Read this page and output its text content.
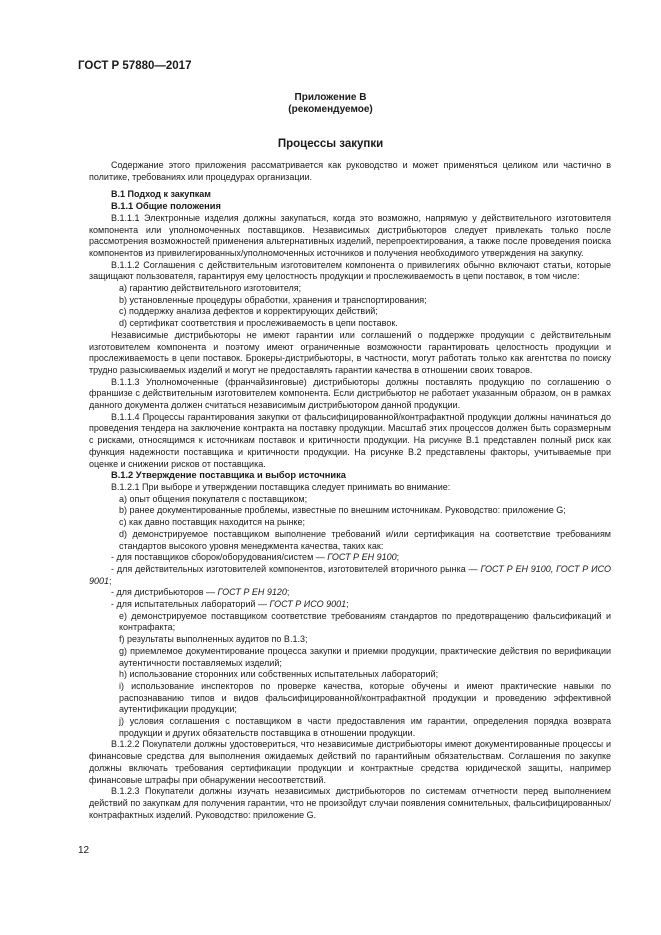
ГОСТ Р 57880—2017
Приложение В
(рекомендуемое)
Процессы закупки

Содержание этого приложения рассматривается как руководство и может применяться целиком или частично в политике, требованиях или процедурах организации.

В.1 Подход к закупкам

В.1.1 Общие положения

В.1.1.1 Электронные изделия должны закупаться, когда это возможно, напрямую у действительного изготовителя компонента или уполномоченных поставщиков. Независимых дистрибьюторов следует привлекать только после рассмотрения возможностей применения альтернативных изделий, перепроектирования, а также после проведения поиска компонентов из привилегированных/уполномоченных источников и получения необходимого утверждения на закупку.

В.1.1.2 Соглашения с действительным изготовителем компонента о привилегиях обычно включают статьи, которые защищают пользователя, гарантируя ему целостность продукции и прослеживаемость в цепи поставок, в том числе:

а) гарантию действительного изготовителя;

b) установленные процедуры обработки, хранения и транспортирования;

с) поддержку анализа дефектов и корректирующих действий;

d) сертификат соответствия и прослеживаемость в цепи поставок.

Независимые дистрибьюторы не имеют гарантии или соглашений о поддержке продукции с действительным изготовителем компонента и поэтому имеют ограниченные возможности гарантировать целостность продукции и прослеживаемость в цепи поставок. Брокеры-дистрибьюторы, в частности, могут работать только как агентства по поиску трудно разыскиваемых изделий и могут не предоставлять гарантии качества в отношении своих товаров.

В.1.1.3 Уполномоченные (франчайзинговые) дистрибьюторы должны поставлять продукцию по соглашению о франшизе с действительным изготовителем компонента. Если дистрибьютор не работает указанным образом, он в рамках данного документа должен считаться независимым дистрибьютором данной продукции.

В.1.1.4 Процессы гарантирования закупки от фальсифицированной/контрафактной продукции должны начинаться до проведения тендера на заключение контракта на поставку продукции. Масштаб этих процессов должен быть соразмерным с рисками, относящимся к источникам поставок и критичности продукции. На рисунке В.1 представлен полный риск как функция надежности поставщика и критичности продукции. На рисунке В.2 представлены факторы, учитываемые при оценке и снижении рисков от поставщика.

В.1.2 Утверждение поставщика и выбор источника

В.1.2.1 При выборе и утверждении поставщика следует принимать во внимание:

а) опыт общения покупателя с поставщиком;

b) ранее документированные проблемы, известные по внешним источникам. Руководство: приложение G;

с) как давно поставщик находится на рынке;

d) демонстрируемое поставщиком выполнение требований и/или сертификация на соответствие требованиям стандартов высокого уровня менеджмента качества, таких как:

- для поставщиков сборок/оборудования/систем — ГОСТ Р ЕН 9100;

- для действительных изготовителей компонентов, изготовителей вторичного рынка — ГОСТ Р ЕН 9100, ГОСТ Р ИСО 9001;

- для дистрибьюторов — ГОСТ Р ЕН 9120;

- для испытательных лабораторий — ГОСТ Р ИСО 9001;

е) демонстрируемое поставщиком соответствие требованиям стандартов по предотвращению фальсификаций и контрафакта;

f) результаты выполненных аудитов по В.1.3;

g) приемлемое документирование процесса закупки и приемки продукции, практические действия по верификации аутентичности поставляемых изделий;

h) использование сторонних или собственных испытательных лабораторий;

i) использование инспекторов по проверке качества, которые обучены и имеют практические навыки по распознаванию типов и видов фальсифицированной/контрафактной продукции и проведению эффективной аутентификации продукции;

j) условия соглашения с поставщиком в части предоставления им гарантии, определения порядка возврата продукции и других обязательств поставщика в отношении продукции.

В.1.2.2 Покупатели должны удостовериться, что независимые дистрибьюторы имеют документированные процессы и финансовые средства для выполнения ожидаемых действий по гарантийным обязательствам. Соглашения по закупке должны включать требования сертификации продукции и контрактные средства юридической защиты, например финансовые штрафы при обнаружении несоответствий.

В.1.2.3 Покупатели должны изучать независимых дистрибьюторов по системам отчетности перед выполнением действий по закупкам для получения гарантии, что не произойдут случаи появления сомнительных, фальсифицированных/контрафактных изделий. Руководство: приложение G.

12
